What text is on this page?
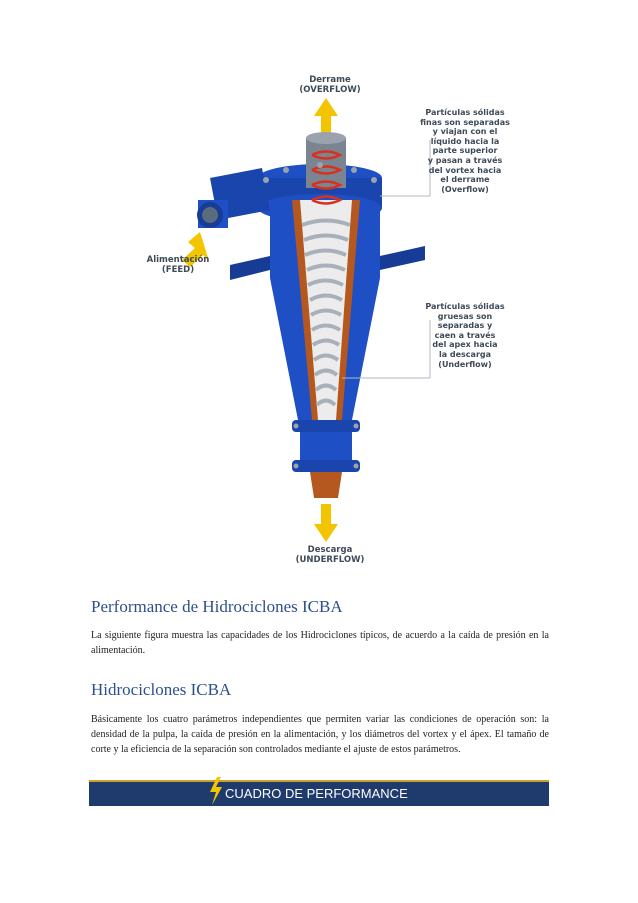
Derrame
(OVERFLOW)
Alimentación
(FEED)
Descarga
(UNDERFLOW)
Partículas sólidas
finas son separadas
y viajan con el
líquido hacia la
parte superior
y pasan a través
del vortex hacia
el derrame
(Overflow)
Partículas sólidas
gruesas son
separadas y
caen a través
del apex hacia
la descarga
(Underflow)
Performance de Hidrociclones ICBA

La siguiente figura muestra las capacidades de los Hidrociclones típicos, de acuerdo a la caída de presión en la alimentación.

Hidrociclones ICBA

Básicamente los cuatro parámetros independientes que permiten variar las condiciones de operación son: la densidad de la pulpa, la caída de presión en la alimentación, y los diámetros del vortex y el ápex. El tamaño de corte y la eficiencia de la separación son controlados mediante el ajuste de estos parámetros.

CUADRO DE PERFORMANCE
